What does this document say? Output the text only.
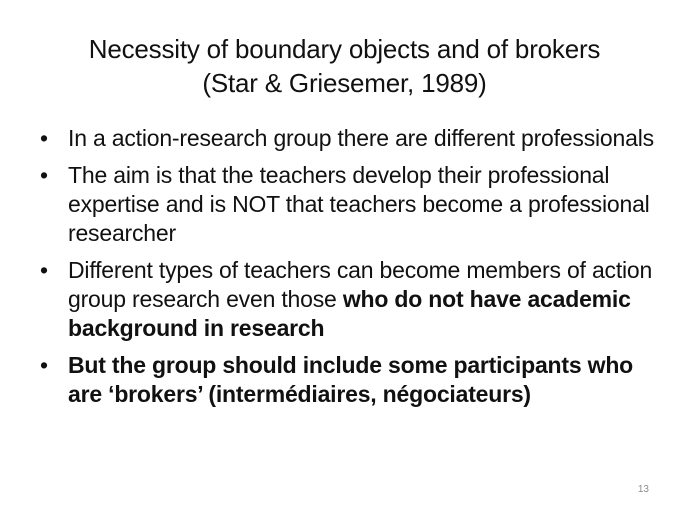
Necessity of boundary objects and of brokers
(Star & Griesemer, 1989)
• In a action-research group there are different professionals
• The aim is that the teachers develop their professional expertise and is NOT that teachers become a professional researcher
• Different types of teachers can become members of action group research even those who do not have academic background in research
• But the group should include some participants who are ‘brokers’ (intermédiaires, négociateurs)
13
